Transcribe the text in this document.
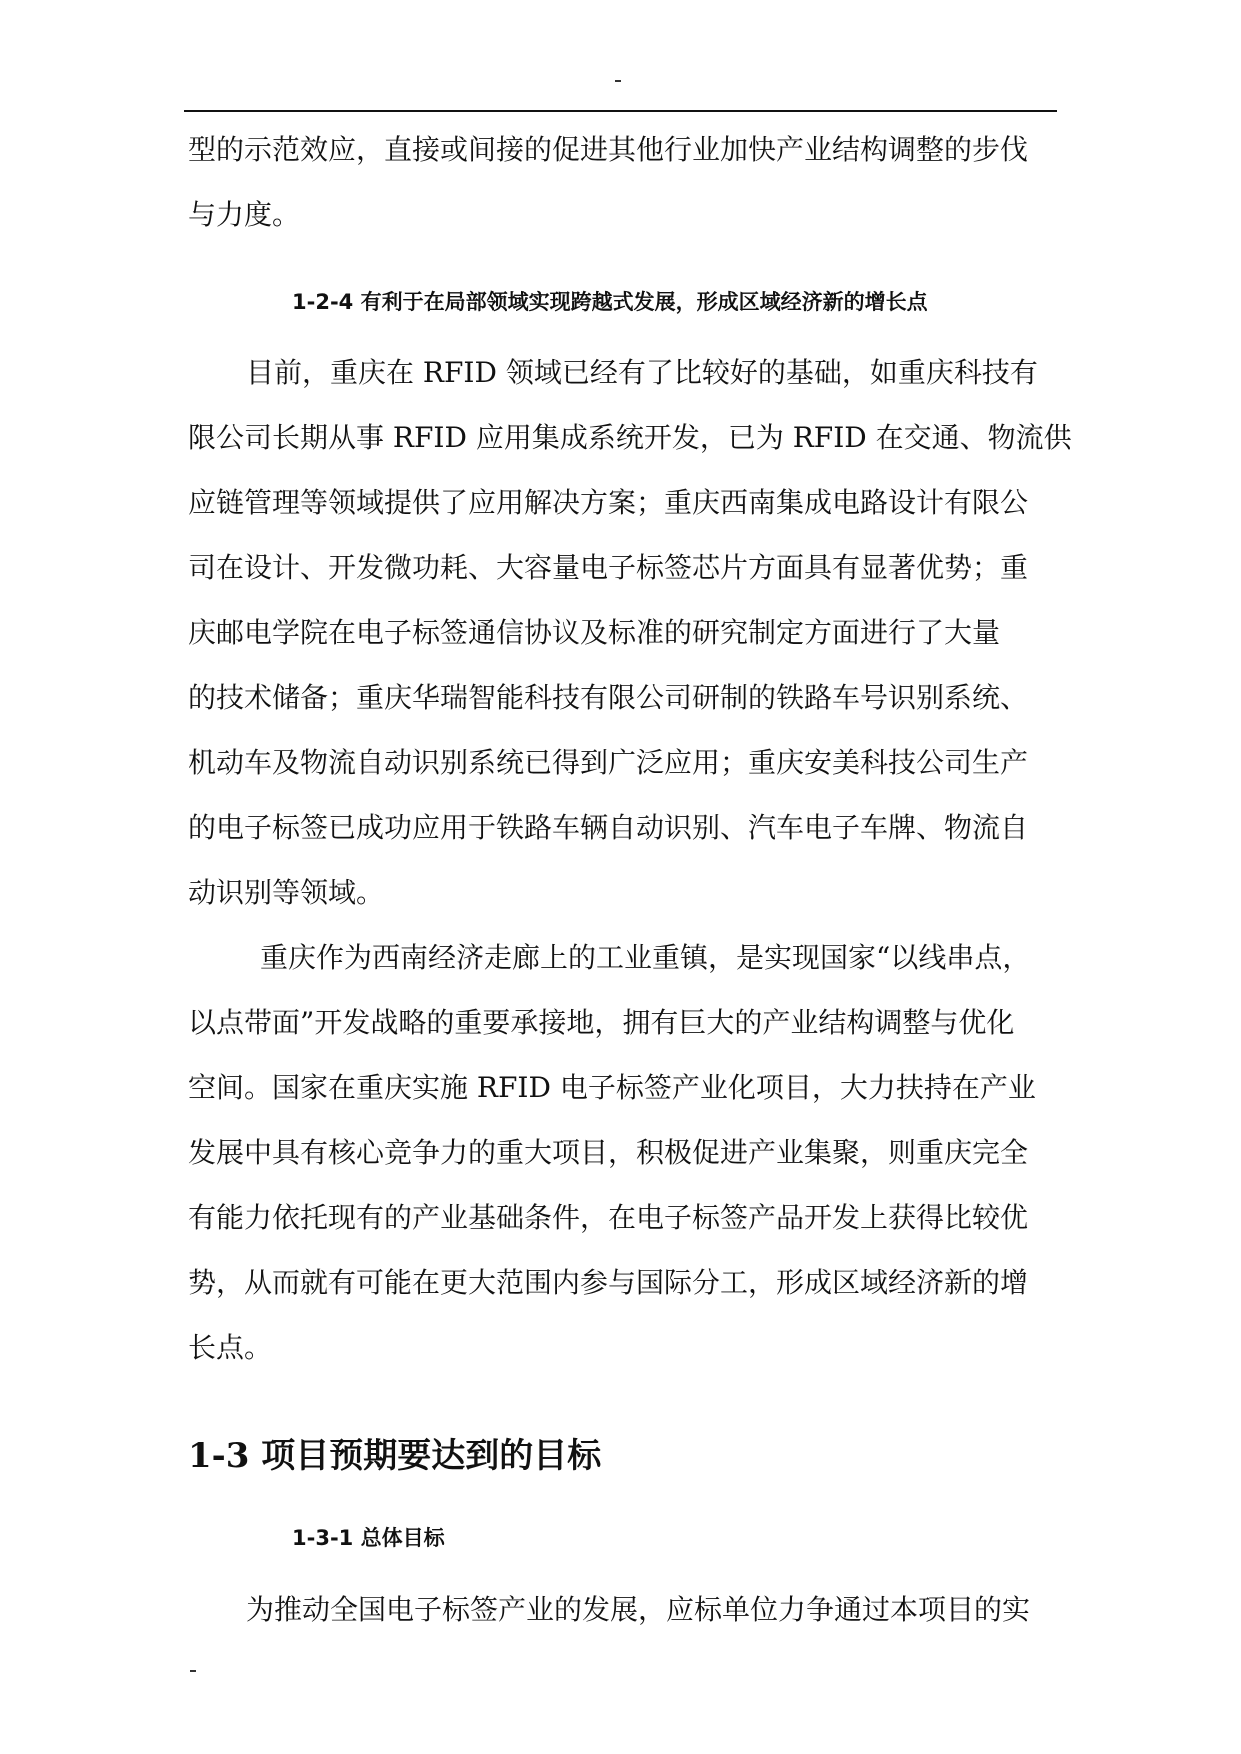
型的示范效应，直接或间接的促进其他行业加快产业结构调整的步伐
与力度。
1-2-4 有利于在局部领域实现跨越式发展，形成区域经济新的增长点
目前，重庆在 RFID 领域已经有了比较好的基础，如重庆科技有
限公司长期从事 RFID 应用集成系统开发，已为 RFID 在交通、物流供
应链管理等领域提供了应用解决方案；重庆西南集成电路设计有限公
司在设计、开发微功耗、大容量电子标签芯片方面具有显著优势；重
庆邮电学院在电子标签通信协议及标准的研究制定方面进行了大量
的技术储备；重庆华瑞智能科技有限公司研制的铁路车号识别系统、
机动车及物流自动识别系统已得到广泛应用；重庆安美科技公司生产
的电子标签已成功应用于铁路车辆自动识别、汽车电子车牌、物流自
动识别等领域。
重庆作为西南经济走廊上的工业重镇，是实现国家“以线串点，
以点带面”开发战略的重要承接地，拥有巨大的产业结构调整与优化
空间。国家在重庆实施 RFID 电子标签产业化项目，大力扶持在产业
发展中具有核心竞争力的重大项目，积极促进产业集聚，则重庆完全
有能力依托现有的产业基础条件，在电子标签产品开发上获得比较优
势，从而就有可能在更大范围内参与国际分工，形成区域经济新的增
长点。
1-3 项目预期要达到的目标
1-3-1 总体目标
为推动全国电子标签产业的发展，应标单位力争通过本项目的实
